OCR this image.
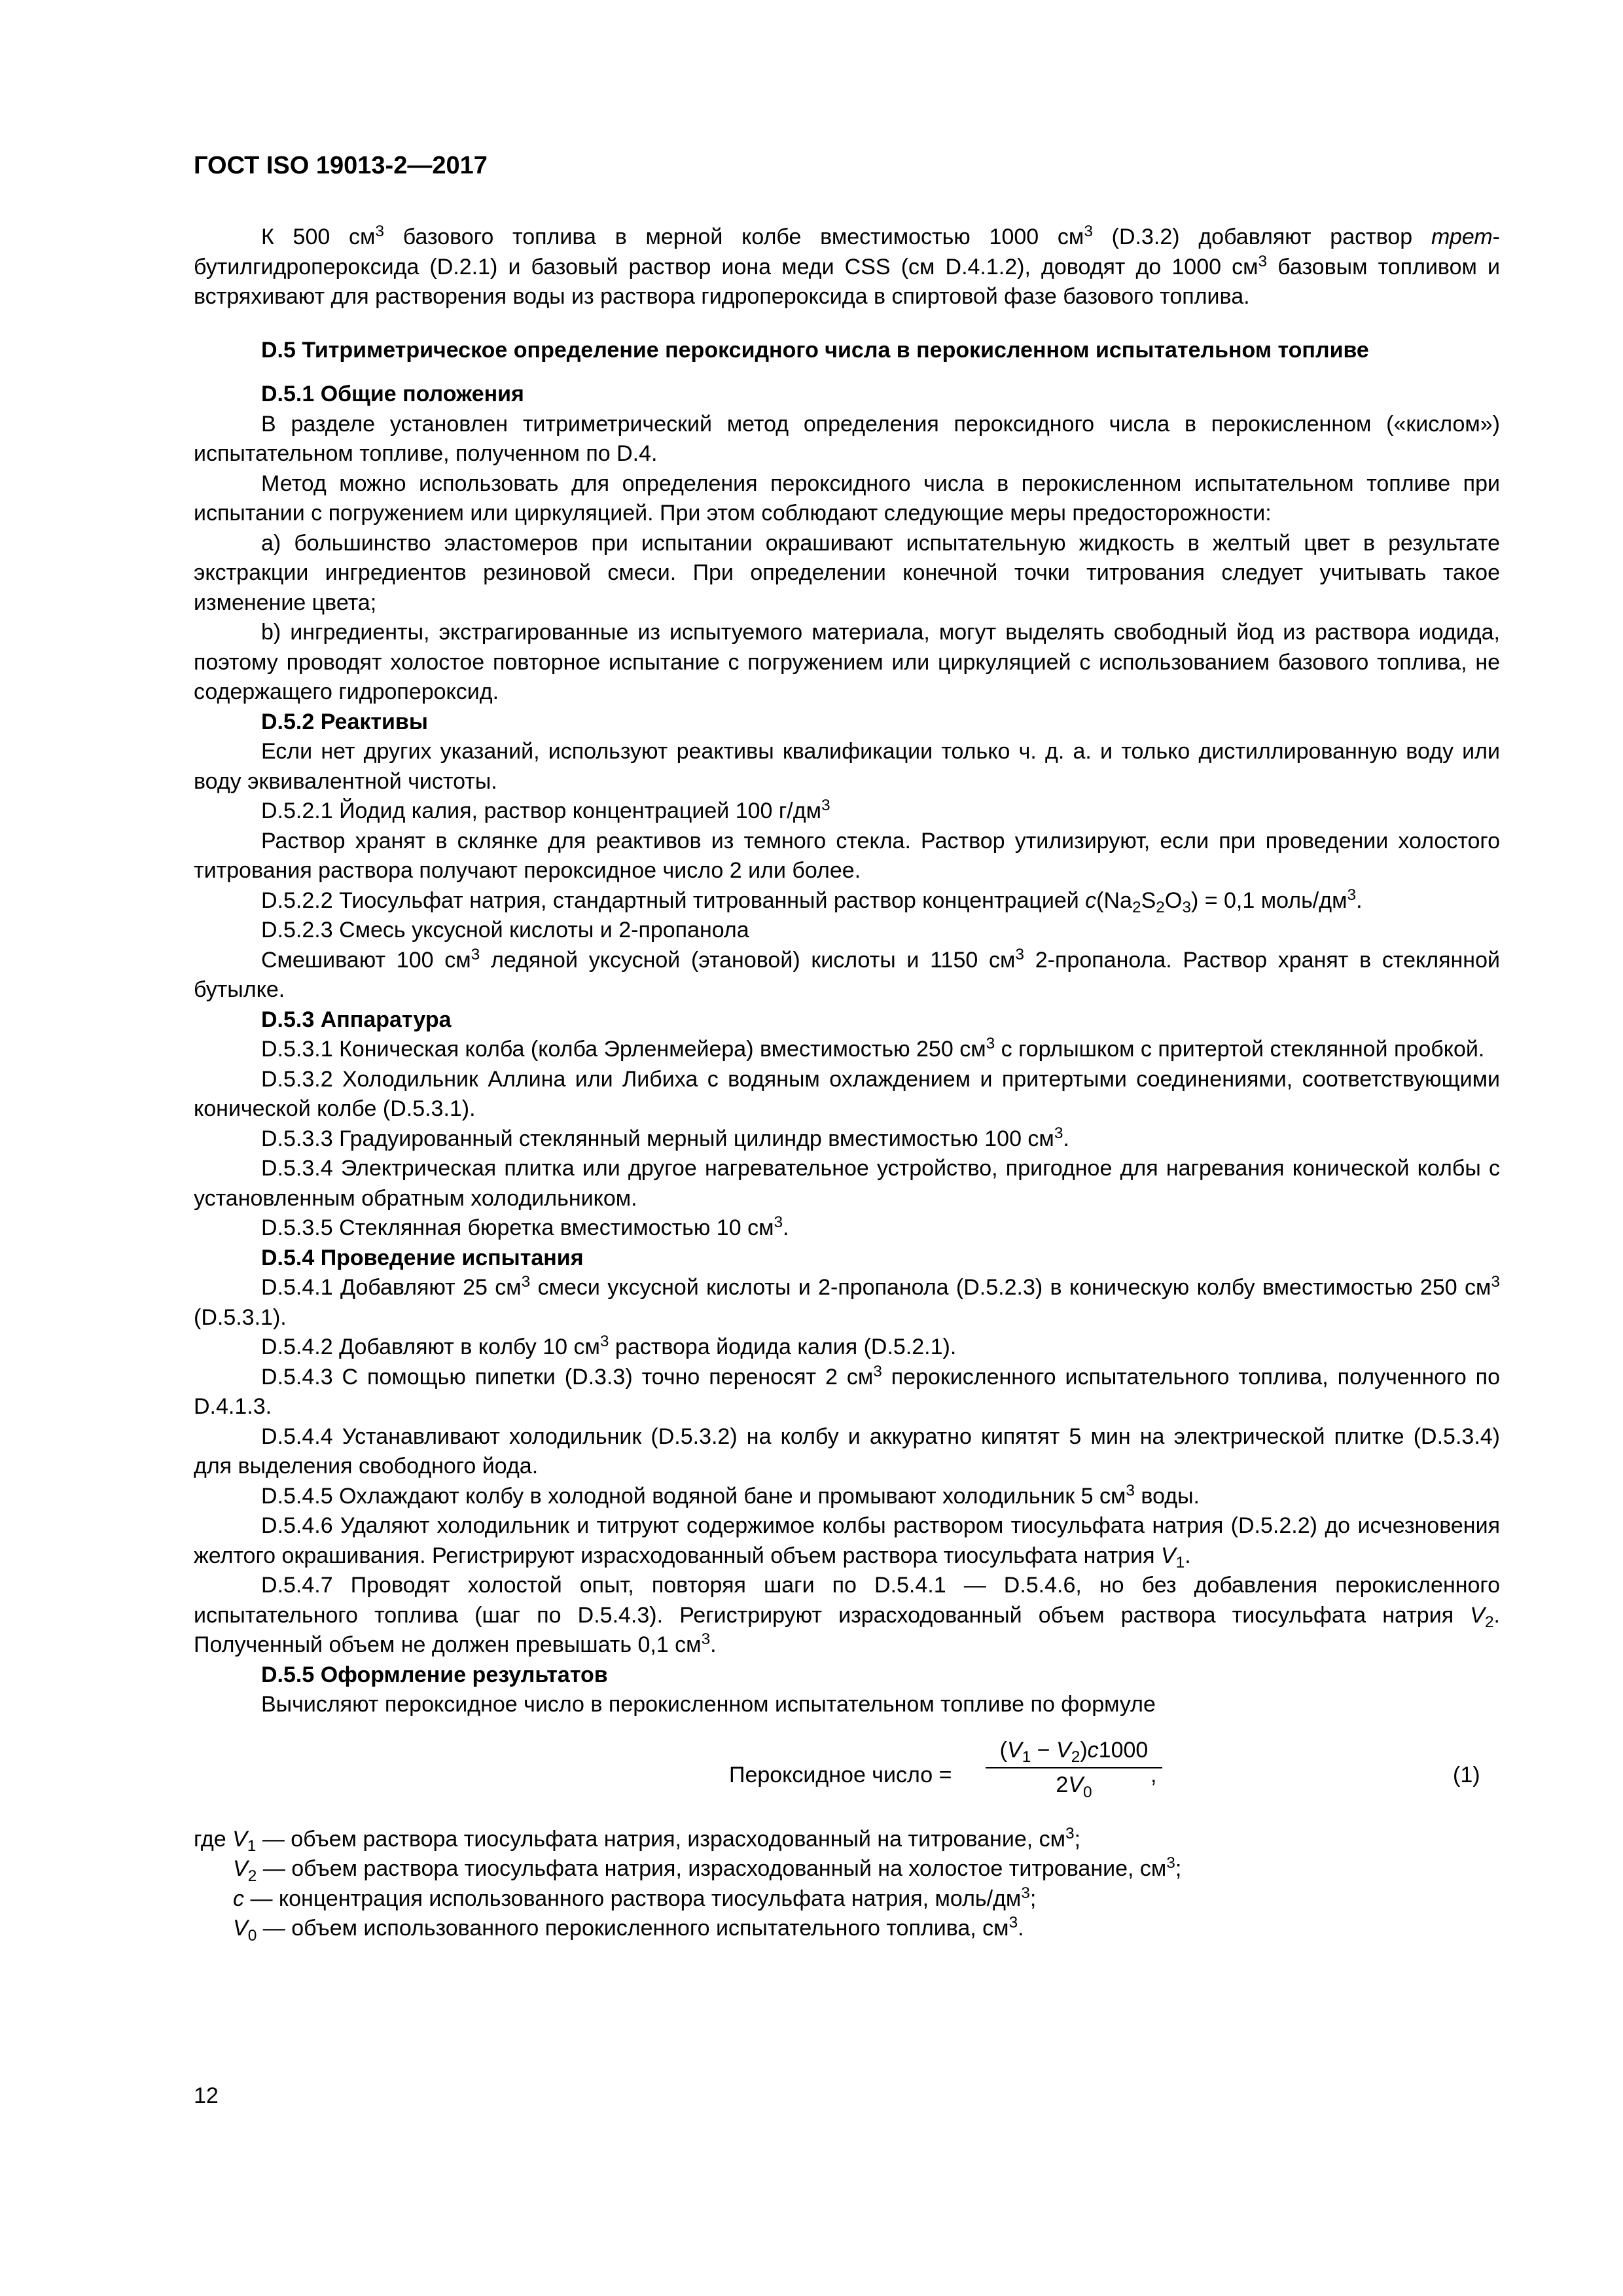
ГОСТ ISO 19013-2—2017

К 500 $см^3$ базового топлива в мерной колбе вместимостью 1000 $см^3$ (D.3.2) добавляют раствор трет-бутилгидропероксида (D.2.1) и базовый раствор иона меди CSS (см D.4.1.2), доводят до 1000 $см^3$ базовым топливом и встряхивают для растворения воды из раствора гидропероксида в спиртовой фазе базового топлива.

D.5 Титриметрическое определение пероксидного числа в перокисленном испытательном топливе

D.5.1 Общие положения

В разделе установлен титриметрический метод определения пероксидного числа в перокисленном («кислом») испытательном топливе, полученном по D.4.

Метод можно использовать для определения пероксидного числа в перокисленном испытательном топливе при испытании с погружением или циркуляцией. При этом соблюдают следующие меры предосторожности:

a) большинство эластомеров при испытании окрашивают испытательную жидкость в желтый цвет в результате экстракции ингредиентов резиновой смеси. При определении конечной точки титрования следует учитывать такое изменение цвета;

b) ингредиенты, экстрагированные из испытуемого материала, могут выделять свободный йод из раствора иодида, поэтому проводят холостое повторное испытание с погружением или циркуляцией с использованием базового топлива, не содержащего гидропероксид.

D.5.2 Реактивы

Если нет других указаний, используют реактивы квалификации только ч. д. а. и только дистиллированную воду или воду эквивалентной чистоты.

D.5.2.1 Йодид калия, раствор концентрацией 100 $г/дм^3$

Раствор хранят в склянке для реактивов из темного стекла. Раствор утилизируют, если при проведении холостого титрования раствора получают пероксидное число 2 или более.

D.5.2.2 Тиосульфат натрия, стандартный титрованный раствор концентрацией $c(Na_2S_2O_3) = 0,1$ моль/$дм^3$.

D.5.2.3 Смесь уксусной кислоты и 2-пропанола

Смешивают 100 $см^3$ ледяной уксусной (этановой) кислоты и 1150 $см^3$ 2-пропанола. Раствор хранят в стеклянной бутылке.

D.5.3 Аппаратура

D.5.3.1 Коническая колба (колба Эрленмейера) вместимостью 250 $см^3$ с горлышком с притертой стеклянной пробкой.

D.5.3.2 Холодильник Аллина или Либиха с водяным охлаждением и притертыми соединениями, соответствующими конической колбе (D.5.3.1).

D.5.3.3 Градуированный стеклянный мерный цилиндр вместимостью 100 $см^3$.

D.5.3.4 Электрическая плитка или другое нагревательное устройство, пригодное для нагревания конической колбы с установленным обратным холодильником.

D.5.3.5 Стеклянная бюретка вместимостью 10 $см^3$.

D.5.4 Проведение испытания

D.5.4.1 Добавляют 25 $см^3$ смеси уксусной кислоты и 2-пропанола (D.5.2.3) в коническую колбу вместимостью 250 $см^3$ (D.5.3.1).

D.5.4.2 Добавляют в колбу 10 $см^3$ раствора йодида калия (D.5.2.1).

D.5.4.3 С помощью пипетки (D.3.3) точно переносят 2 $см^3$ перокисленного испытательного топлива, полученного по D.4.1.3.

D.5.4.4 Устанавливают холодильник (D.5.3.2) на колбу и аккуратно кипятят 5 мин на электрической плитке (D.5.3.4) для выделения свободного йода.

D.5.4.5 Охлаждают колбу в холодной водяной бане и промывают холодильник 5 $см^3$ воды.

D.5.4.6 Удаляют холодильник и титруют содержимое колбы раствором тиосульфата натрия (D.5.2.2) до исчезновения желтого окрашивания. Регистрируют израсходованный объем раствора тиосульфата натрия $V_1$.

D.5.4.7 Проводят холостой опыт, повторяя шаги по D.5.4.1 — D.5.4.6, но без добавления перокисленного испытательного топлива (шаг по D.5.4.3). Регистрируют израсходованный объем раствора тиосульфата натрия $V_2$. Полученный объем не должен превышать 0,1 $см^3$.

D.5.5 Оформление результатов

Вычисляют пероксидное число в перокисленном испытательном топливе по формуле

Пероксидное число =
$(V_1 - V_2)c1000$
$2V_0$
,	(1)

где $V_1$ — объем раствора тиосульфата натрия, израсходованный на титрование, $см^3$;

$V_2$ — объем раствора тиосульфата натрия, израсходованный на холостое титрование, $см^3$;

c — концентрация использованного раствора тиосульфата натрия, моль/$дм^3$;

$V_0$ — объем использованного перокисленного испытательного топлива, $см^3$.

12
